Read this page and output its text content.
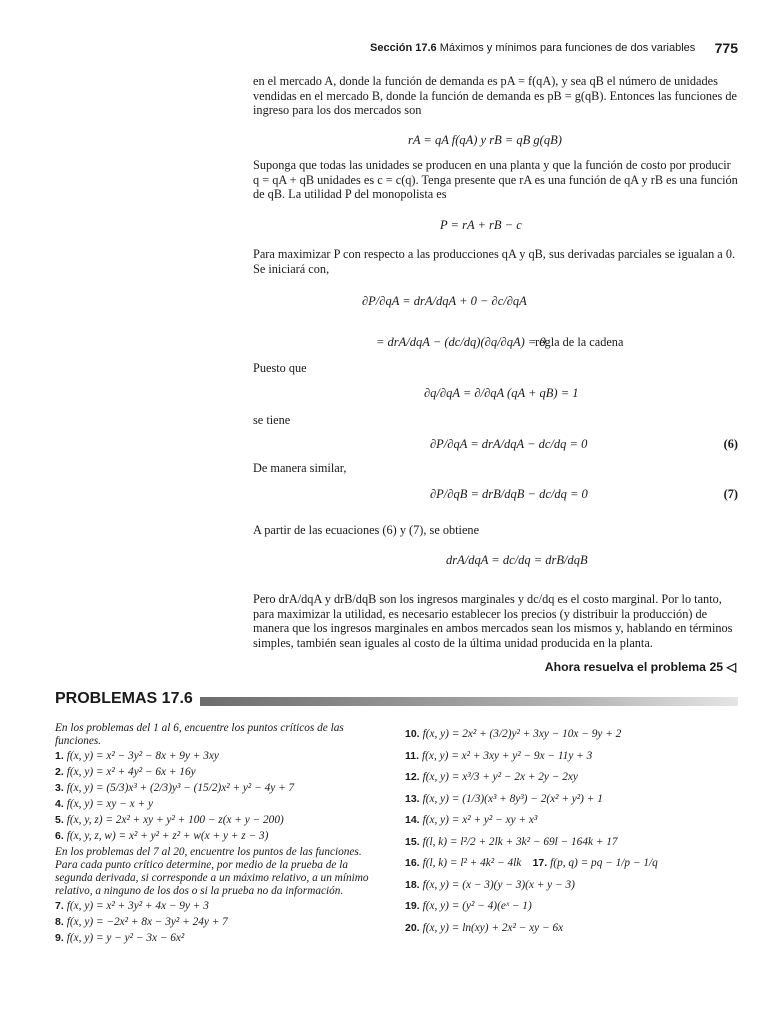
Sección 17.6 Máximos y mínimos para funciones de dos variables 775
en el mercado A, donde la función de demanda es pA = f(qA), y sea qB el número de unidades vendidas en el mercado B, donde la función de demanda es pB = g(qB). Entonces las funciones de ingreso para los dos mercados son
rA = qA f(qA) y rB = qB g(qB)
Suponga que todas las unidades se producen en una planta y que la función de costo por producir q = qA + qB unidades es c = c(q). Tenga presente que rA es una función de qA y rB es una función de qB. La utilidad P del monopolista es
P = rA + rB − c
Para maximizar P con respecto a las producciones qA y qB, sus derivadas parciales se igualan a 0. Se iniciará con,
∂P/∂qA = drA/dqA + 0 − ∂c/∂qA
= drA/dqA − (dc/dq)(∂q/∂qA) = 0
regla de la cadena
Puesto que
∂q/∂qA = ∂/∂qA (qA + qB) = 1
se tiene
∂P/∂qA = drA/dqA − dc/dq = 0	(6)
De manera similar,
∂P/∂qB = drB/dqB − dc/dq = 0	(7)
A partir de las ecuaciones (6) y (7), se obtiene
drA/dqA = dc/dq = drB/dqB
Pero drA/dqA y drB/dqB son los ingresos marginales y dc/dq es el costo marginal. Por lo tanto, para maximizar la utilidad, es necesario establecer los precios (y distribuir la producción) de manera que los ingresos marginales en ambos mercados sean los mismos y, hablando en términos simples, también sean iguales al costo de la última unidad producida en la planta.
Ahora resuelva el problema 25 ◁
PROBLEMAS 17.6
En los problemas del 1 al 6, encuentre los puntos críticos de las funciones.
1. f(x, y) = x² − 3y² − 8x + 9y + 3xy
2. f(x, y) = x² + 4y² − 6x + 16y
3. f(x, y) = (5/3)x³ + (2/3)y³ − (15/2)x² + y² − 4y + 7
4. f(x, y) = xy − x + y
5. f(x, y, z) = 2x² + xy + y² + 100 − z(x + y − 200)
6. f(x, y, z, w) = x² + y² + z² + w(x + y + z − 3)
En los problemas del 7 al 20, encuentre los puntos de las funciones. Para cada punto crítico determine, por medio de la prueba de la segunda derivada, si corresponde a un máximo relativo, a un mínimo relativo, a ninguno de los dos o si la prueba no da información.
7. f(x, y) = x² + 3y² + 4x − 9y + 3
8. f(x, y) = −2x² + 8x − 3y² + 24y + 7
9. f(x, y) = y − y² − 3x − 6x²
10. f(x, y) = 2x² + (3/2)y² + 3xy − 10x − 9y + 2
11. f(x, y) = x² + 3xy + y² − 9x − 11y + 3
12. f(x, y) = x³/3 + y² − 2x + 2y − 2xy
13. f(x, y) = (1/3)(x³ + 8y³) − 2(x² + y²) + 1
14. f(x, y) = x² + y² − xy + x³
15. f(l, k) = l²/2 + 2lk + 3k² − 69l − 164k + 17
16. f(l, k) = l² + 4k² − 4lk 17. f(p, q) = pq − 1/p − 1/q
18. f(x, y) = (x − 3)(y − 3)(x + y − 3)
19. f(x, y) = (y² − 4)(eˣ − 1)
20. f(x, y) = ln(xy) + 2x² − xy − 6x
